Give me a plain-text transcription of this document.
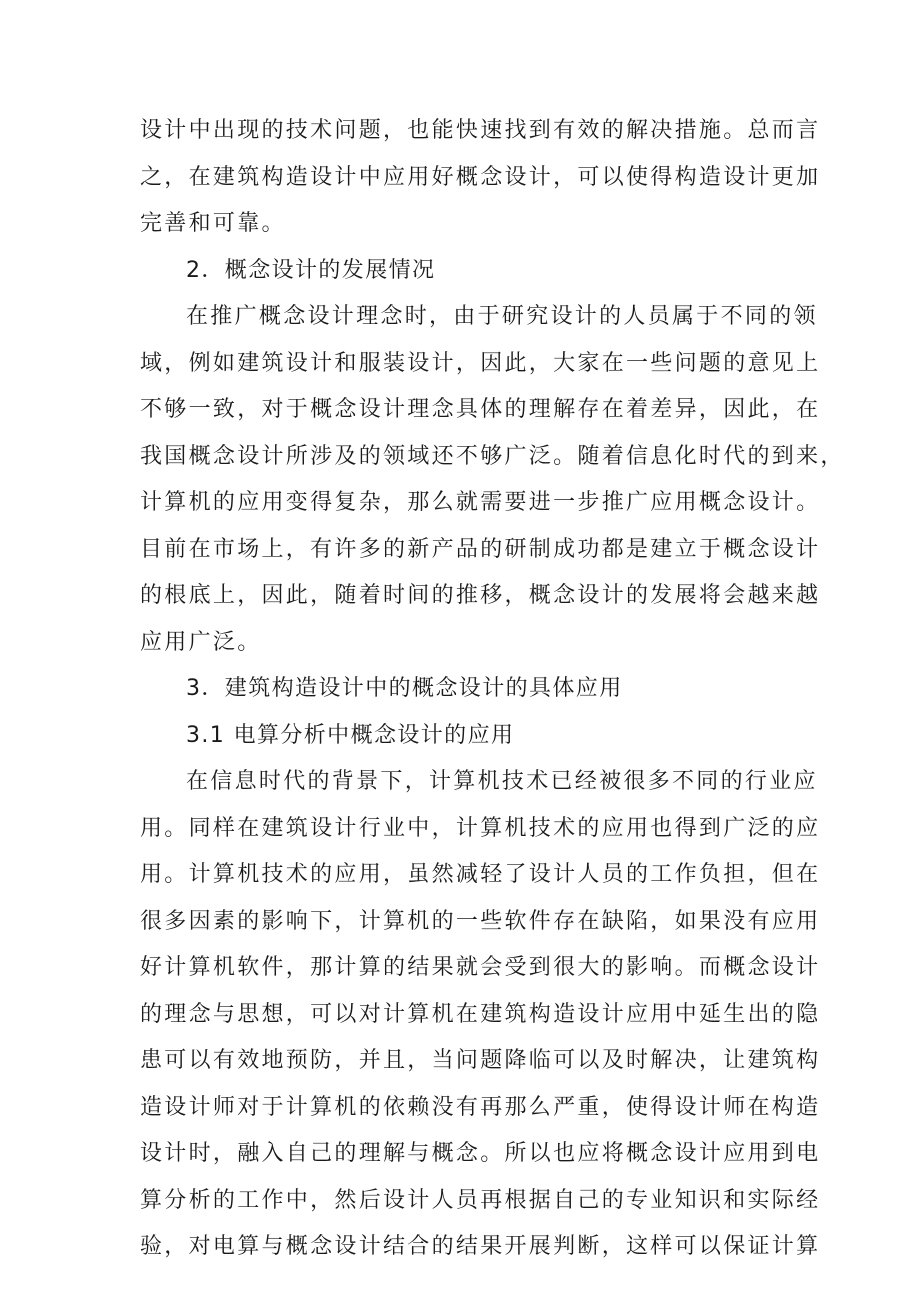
设计中出现的技术问题，也能快速找到有效的解决措施。总而言
之，在建筑构造设计中应用好概念设计，可以使得构造设计更加
完善和可靠。
2．概念设计的发展情况
在推广概念设计理念时，由于研究设计的人员属于不同的领
域，例如建筑设计和服装设计，因此，大家在一些问题的意见上
不够一致，对于概念设计理念具体的理解存在着差异，因此，在
我国概念设计所涉及的领域还不够广泛。随着信息化时代的到来，
计算机的应用变得复杂，那么就需要进一步推广应用概念设计。
目前在市场上，有许多的新产品的研制成功都是建立于概念设计
的根底上，因此，随着时间的推移，概念设计的发展将会越来越
应用广泛。
3．建筑构造设计中的概念设计的具体应用
3.1 电算分析中概念设计的应用
在信息时代的背景下，计算机技术已经被很多不同的行业应
用。同样在建筑设计行业中，计算机技术的应用也得到广泛的应
用。计算机技术的应用，虽然减轻了设计人员的工作负担，但在
很多因素的影响下，计算机的一些软件存在缺陷，如果没有应用
好计算机软件，那计算的结果就会受到很大的影响。而概念设计
的理念与思想，可以对计算机在建筑构造设计应用中延生出的隐
患可以有效地预防，并且，当问题降临可以及时解决，让建筑构
造设计师对于计算机的依赖没有再那么严重，使得设计师在构造
设计时，融入自己的理解与概念。所以也应将概念设计应用到电
算分析的工作中，然后设计人员再根据自己的专业知识和实际经
验，对电算与概念设计结合的结果开展判断，这样可以保证计算
